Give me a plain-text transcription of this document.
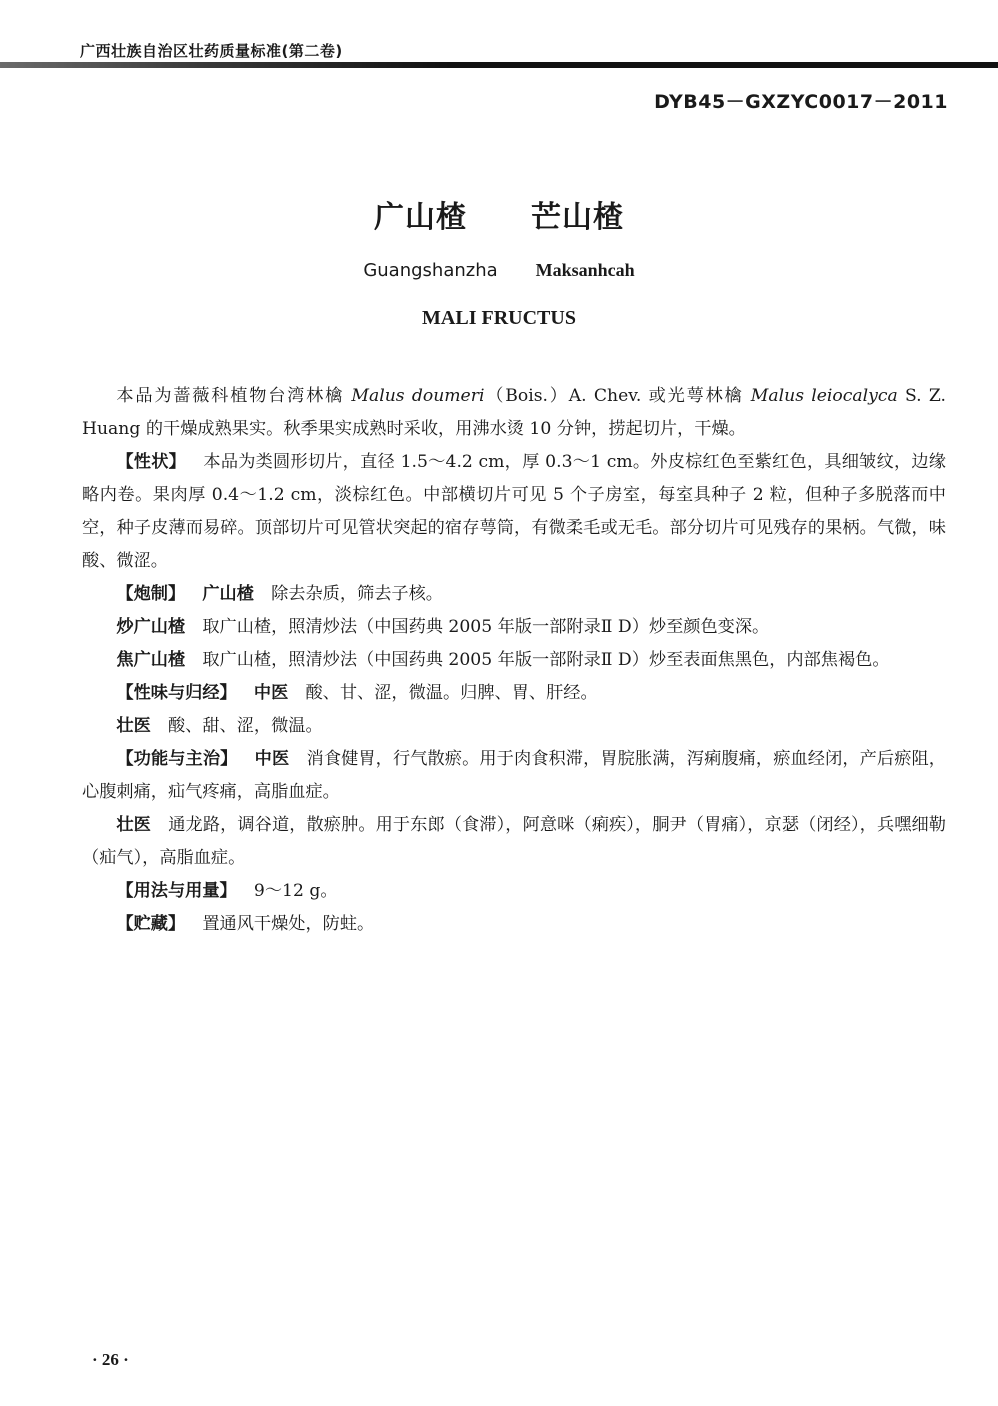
广西壮族自治区壮药质量标准(第二卷)
DYB45－GXZYC0017－2011
广山楂 芒山楂
Guangshanzha Maksanhcah
MALI FRUCTUS

本品为蔷薇科植物台湾林檎 Malus doumeri（Bois.）A. Chev. 或光萼林檎 Malus leiocalyca S. Z. Huang 的干燥成熟果实。秋季果实成熟时采收，用沸水烫 10 分钟，捞起切片，干燥。

【性状】 本品为类圆形切片，直径 1.5～4.2 cm，厚 0.3～1 cm。外皮棕红色至紫红色，具细皱纹，边缘略内卷。果肉厚 0.4～1.2 cm，淡棕红色。中部横切片可见 5 个子房室，每室具种子 2 粒，但种子多脱落而中空，种子皮薄而易碎。顶部切片可见管状突起的宿存萼筒，有微柔毛或无毛。部分切片可见残存的果柄。气微，味酸、微涩。

【炮制】 广山楂 除去杂质，筛去子核。

炒广山楂 取广山楂，照清炒法（中国药典 2005 年版一部附录Ⅱ D）炒至颜色变深。

焦广山楂 取广山楂，照清炒法（中国药典 2005 年版一部附录Ⅱ D）炒至表面焦黑色，内部焦褐色。

【性味与归经】 中医 酸、甘、涩，微温。归脾、胃、肝经。

壮医 酸、甜、涩，微温。

【功能与主治】 中医 消食健胃，行气散瘀。用于肉食积滞，胃脘胀满，泻痢腹痛，瘀血经闭，产后瘀阻，心腹刺痛，疝气疼痛，高脂血症。

壮医 通龙路，调谷道，散瘀肿。用于东郎（食滞），阿意咪（痢疾），胴尹（胃痛），京瑟（闭经），兵嘿细勒（疝气），高脂血症。

【用法与用量】 9～12 g。

【贮藏】 置通风干燥处，防蛀。

· 26 ·
